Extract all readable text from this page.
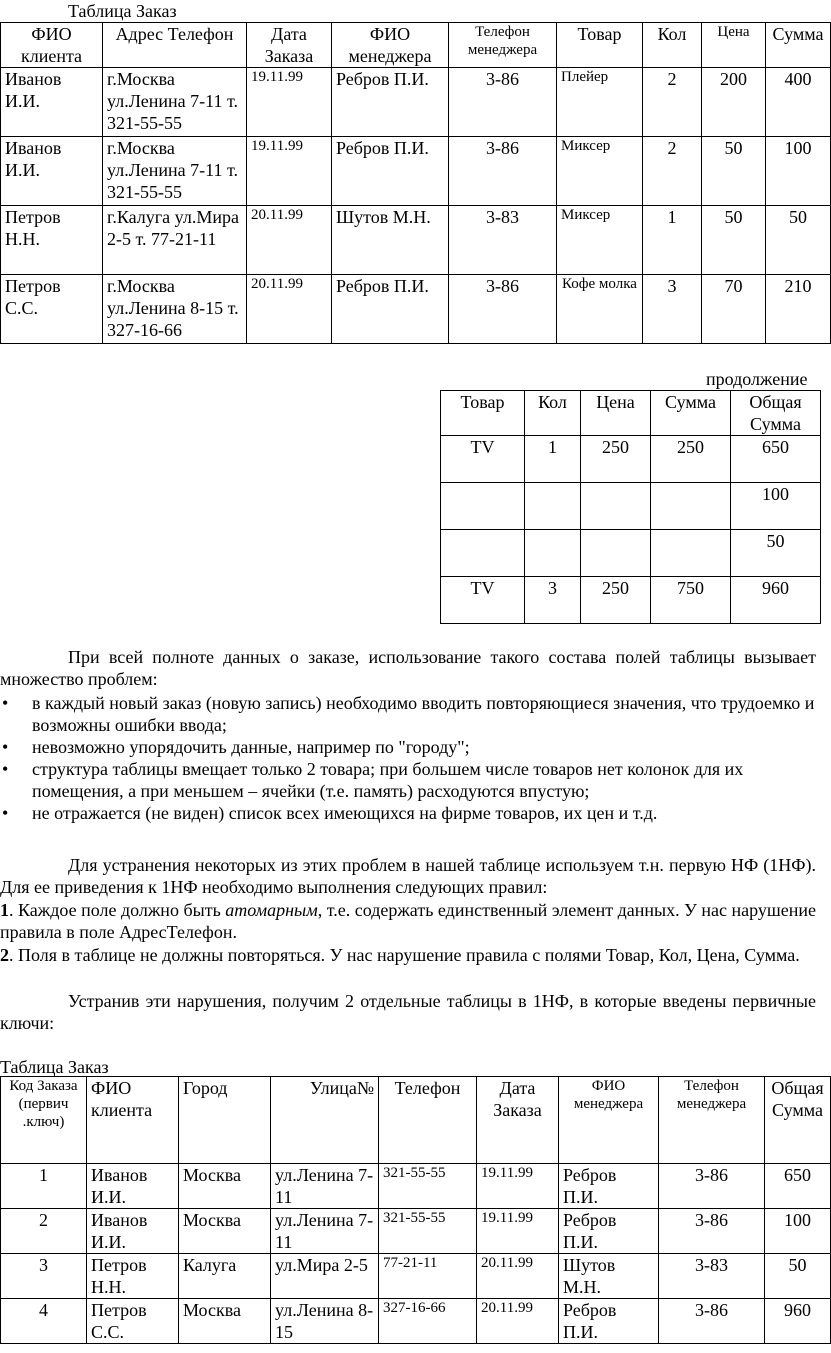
Таблица Заказ
ФИО клиента	Адрес Телефон	Дата Заказа	ФИО менеджера	Телефон менеджера	Товар	Кол	Цена	Сумма
Иванов И.И.	г.Москва ул.Ленина 7-11 т. 321-55-55	19.11.99	Ребров П.И.	3-86	Плейер	2	200	400
Иванов И.И.	г.Москва ул.Ленина 7-11 т. 321-55-55	19.11.99	Ребров П.И.	3-86	Миксер	2	50	100
Петров Н.Н.	г.Калуга ул.Мира 2-5 т. 77-21-11	20.11.99	Шутов М.Н.	3-83	Миксер	1	50	50
Петров С.С.	г.Москва ул.Ленина 8-15 т. 327-16-66	20.11.99	Ребров П.И.	3-86	Кофе молка	3	70	210
продолжение
Товар	Кол	Цена	Сумма	Общая Сумма
TV	1	250	250	650
				100
				50
TV	3	250	750	960
При всей полноте данных о заказе, использование такого состава полей таблицы вызывает множество проблем:
• в каждый новый заказ (новую запись) необходимо вводить повторяющиеся значения, что трудоемко и возможны ошибки ввода;
• невозможно упорядочить данные, например по "городу";
• структура таблицы вмещает только 2 товара; при большем числе товаров нет колонок для их помещения, а при меньшем – ячейки (т.е. память) расходуются впустую;
• не отражается (не виден) список всех имеющихся на фирме товаров, их цен и т.д.
Для устранения некоторых из этих проблем в нашей таблице используем т.н. первую НФ (1НФ). Для ее приведения к 1НФ необходимо выполнения следующих правил:
1. Каждое поле должно быть атомарным, т.е. содержать единственный элемент данных. У нас нарушение правила в поле АдресТелефон.
2. Поля в таблице не должны повторяться. У нас нарушение правила с полями Товар, Кол, Цена, Сумма.
Устранив эти нарушения, получим 2 отдельные таблицы в 1НФ, в которые введены первичные ключи:
Таблица Заказ
Код Заказа (первич .ключ)	ФИО клиента	Город	Улица№	Телефон	Дата Заказа	ФИО менеджера	Телефон менеджера	Общая Сумма
1	Иванов И.И.	Москва	ул.Ленина 7-11	321-55-55	19.11.99	Ребров П.И.	3-86	650
2	Иванов И.И.	Москва	ул.Ленина 7-11	321-55-55	19.11.99	Ребров П.И.	3-86	100
3	Петров Н.Н.	Калуга	ул.Мира 2-5	77-21-11	20.11.99	Шутов М.Н.	3-83	50
4	Петров С.С.	Москва	ул.Ленина 8-15	327-16-66	20.11.99	Ребров П.И.	3-86	960
